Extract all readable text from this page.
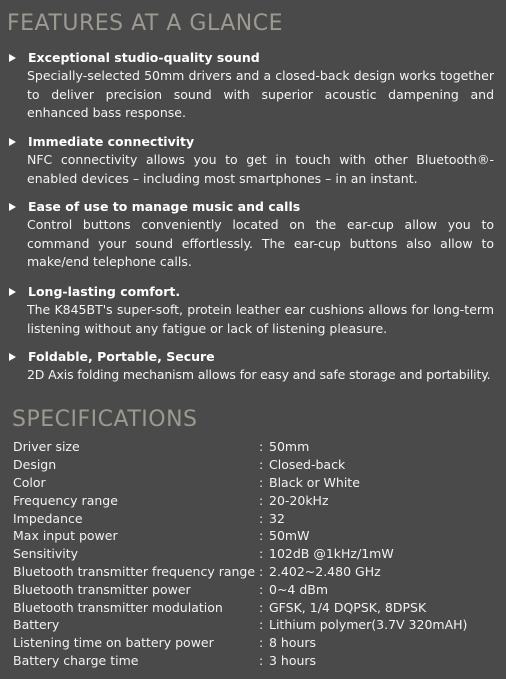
FEATURES AT A GLANCE
Exceptional studio-quality sound
Specially-selected 50mm drivers and a closed-back design works together to deliver precision sound with superior acoustic dampening and enhanced bass response.
Immediate connectivity
NFC connectivity allows you to get in touch with other Bluetooth®-enabled devices – including most smartphones – in an instant.
Ease of use to manage music and calls
Control buttons conveniently located on the ear-cup allow you to command your sound effortlessly. The ear-cup buttons also allow to make/end telephone calls.
Long-lasting comfort.
The K845BT's super-soft, protein leather ear cushions allows for long-term listening without any fatigue or lack of listening pleasure.
Foldable, Portable, Secure
2D Axis folding mechanism allows for easy and safe storage and portability.
SPECIFICATIONS
Driver size	: 50mm
Design	: Closed-back
Color	: Black or White
Frequency range	: 20-20kHz
Impedance	: 32
Max input power	: 50mW
Sensitivity	: 102dB @1kHz/1mW
Bluetooth transmitter frequency range : 2.402~2.480 GHz
Bluetooth transmitter power	: 0~4 dBm
Bluetooth transmitter modulation	: GFSK, 1/4 DQPSK, 8DPSK
Battery	: Lithium polymer(3.7V 320mAH)
Listening time on battery power	: 8 hours
Battery charge time	: 3 hours
